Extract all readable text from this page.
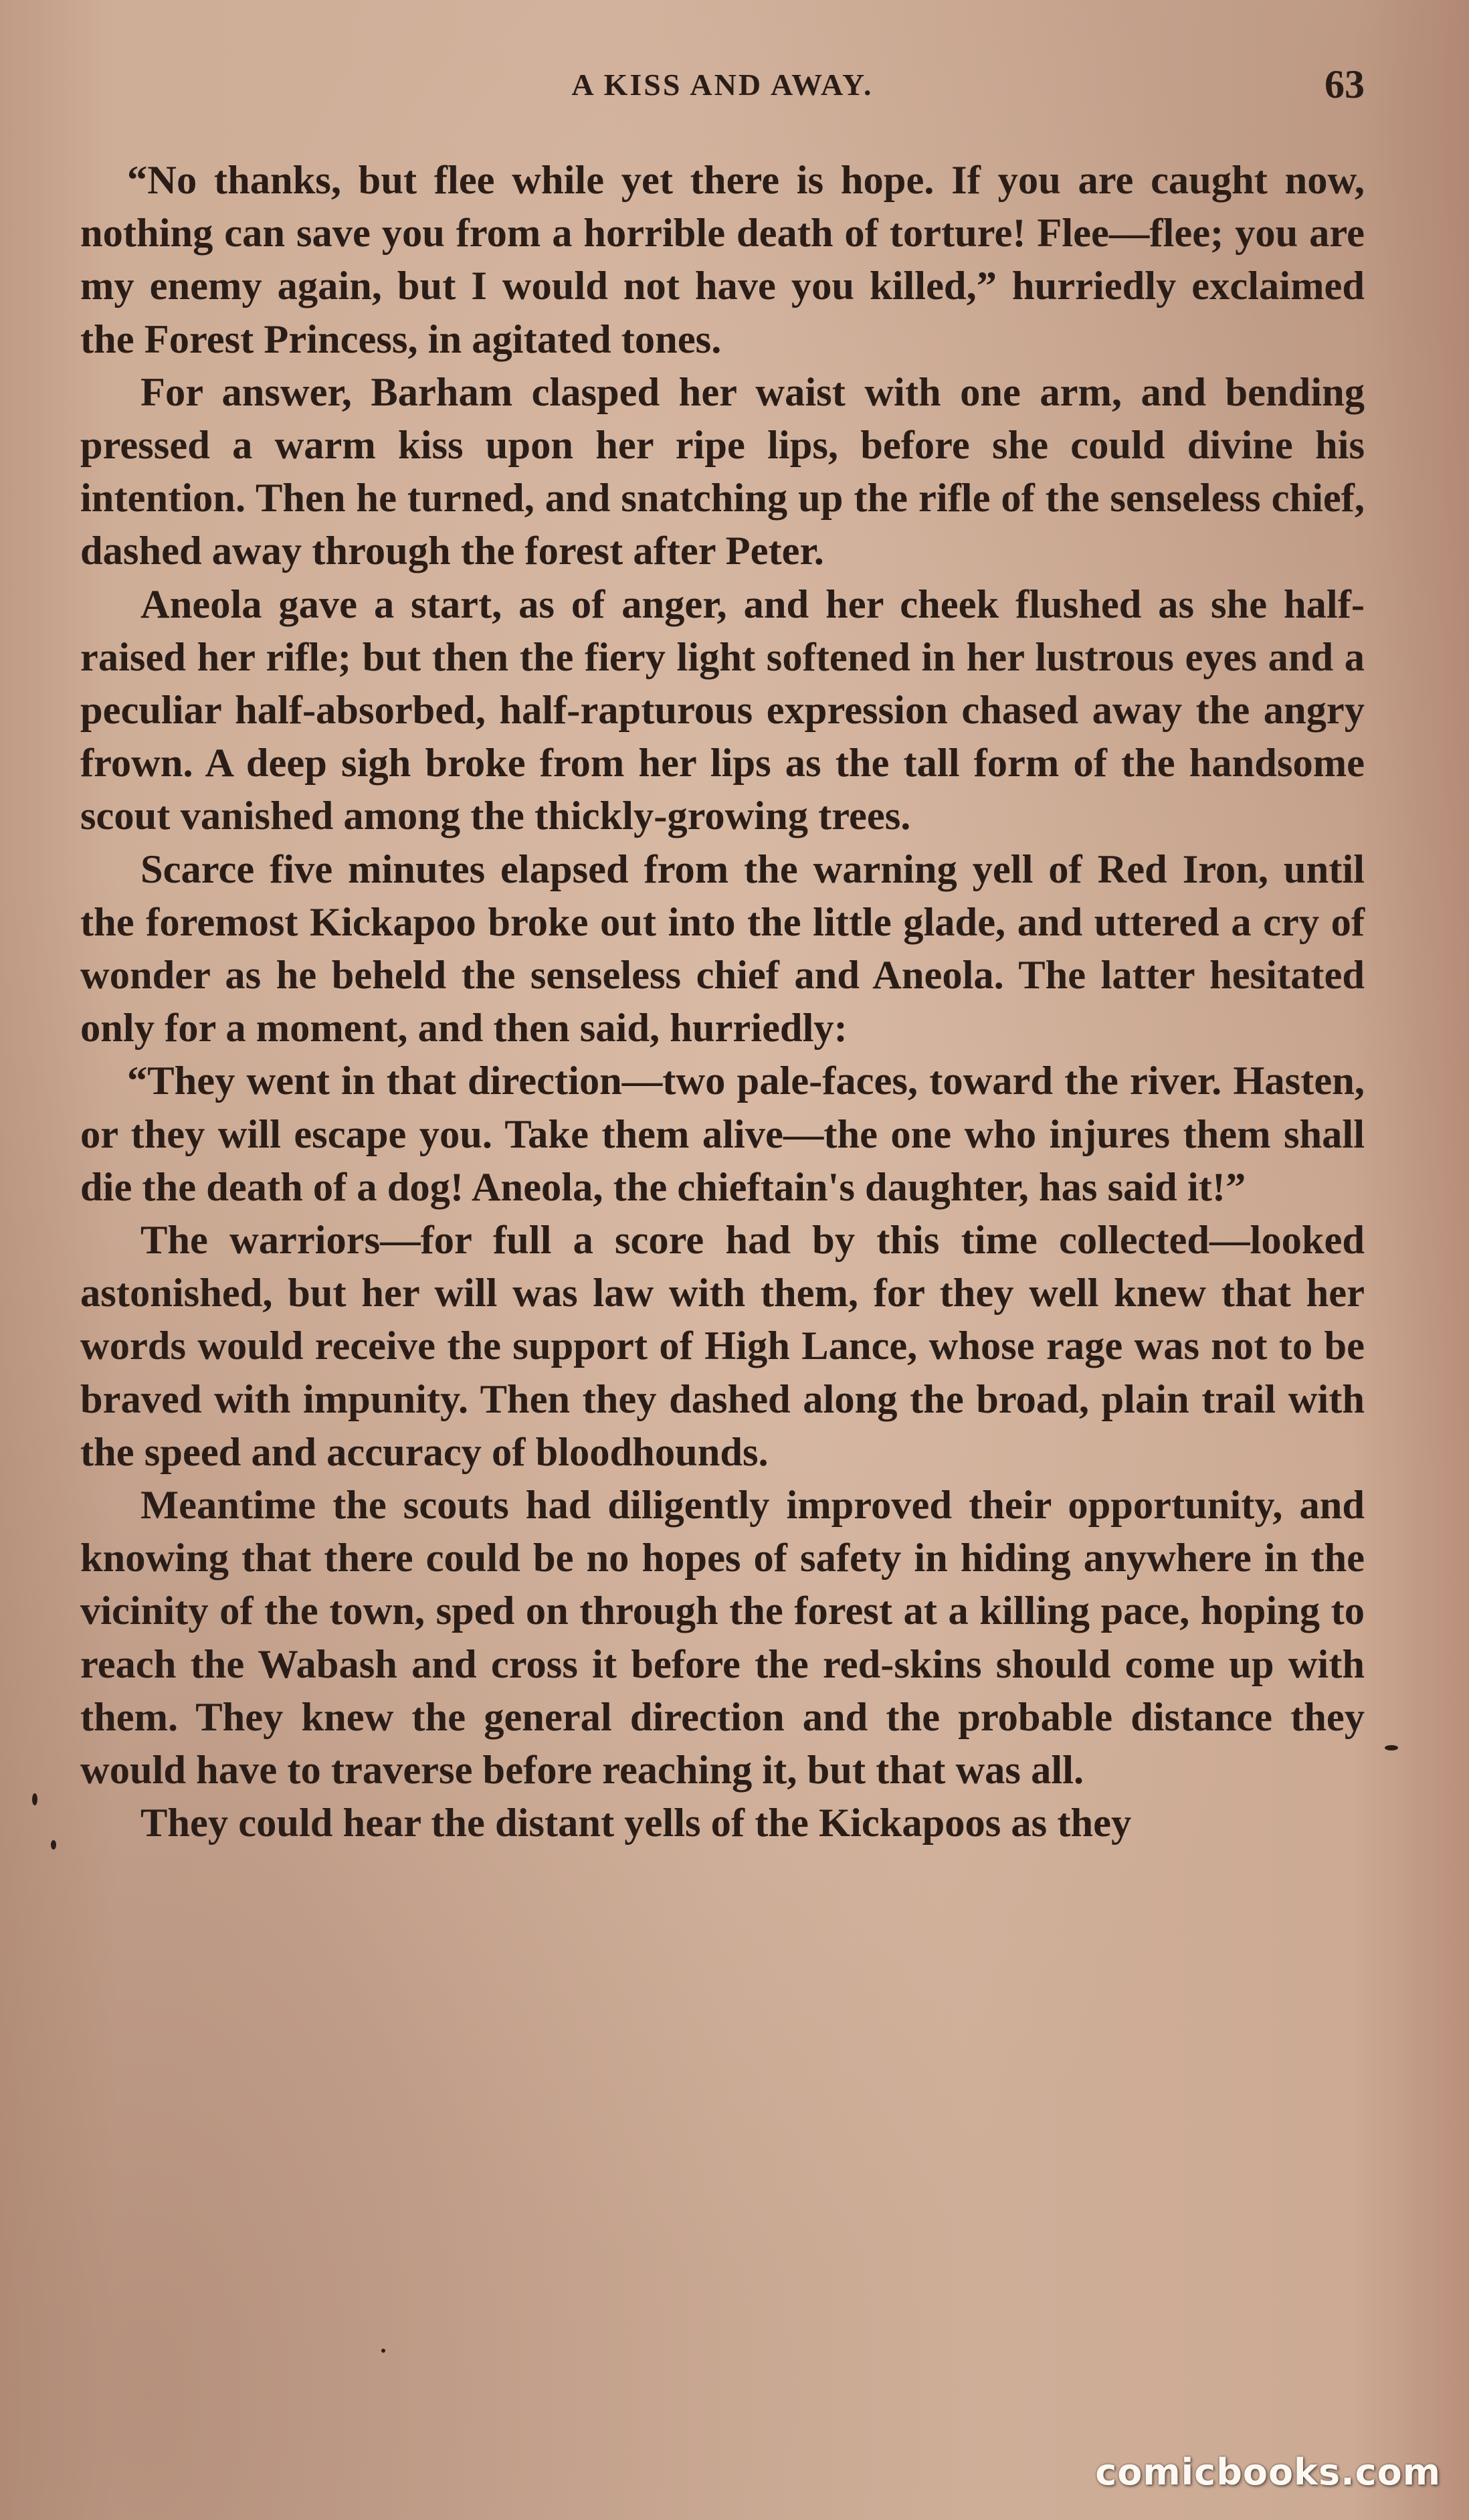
A KISS AND AWAY.	63

“No thanks, but flee while yet there is hope. If you are caught now, nothing can save you from a horrible death of torture! Flee—flee; you are my enemy again, but I would not have you killed,” hurriedly exclaimed the Forest Princess, in agitated tones.

For answer, Barham clasped her waist with one arm, and bending pressed a warm kiss upon her ripe lips, before she could divine his intention. Then he turned, and snatching up the rifle of the senseless chief, dashed away through the forest after Peter.

Aneola gave a start, as of anger, and her cheek flushed as she half-raised her rifle; but then the fiery light softened in her lustrous eyes and a peculiar half-absorbed, half-rapturous expression chased away the angry frown. A deep sigh broke from her lips as the tall form of the handsome scout vanished among the thickly-growing trees.

Scarce five minutes elapsed from the warning yell of Red Iron, until the foremost Kickapoo broke out into the little glade, and uttered a cry of wonder as he beheld the senseless chief and Aneola. The latter hesitated only for a moment, and then said, hurriedly:

“They went in that direction—two pale-faces, toward the river. Hasten, or they will escape you. Take them alive—the one who injures them shall die the death of a dog! Aneola, the chieftain's daughter, has said it!”

The warriors—for full a score had by this time collected—looked astonished, but her will was law with them, for they well knew that her words would receive the support of High Lance, whose rage was not to be braved with impunity. Then they dashed along the broad, plain trail with the speed and accuracy of bloodhounds.

Meantime the scouts had diligently improved their opportunity, and knowing that there could be no hopes of safety in hiding anywhere in the vicinity of the town, sped on through the forest at a killing pace, hoping to reach the Wabash and cross it before the red-skins should come up with them. They knew the general direction and the probable distance they would have to traverse before reaching it, but that was all.

They could hear the distant yells of the Kickapoos as they

comicbooks.com
